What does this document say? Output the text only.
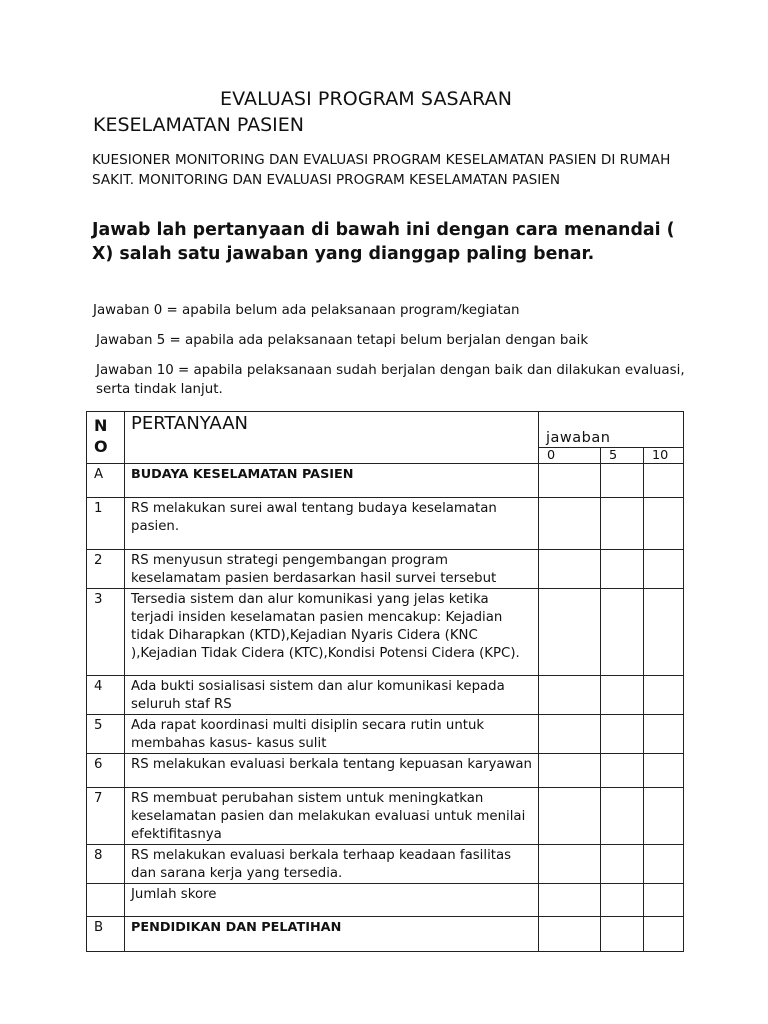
EVALUASI PROGRAM SASARAN
KESELAMATAN PASIEN
KUESIONER MONITORING DAN EVALUASI PROGRAM KESELAMATAN PASIEN DI RUMAH SAKIT. MONITORING DAN EVALUASI PROGRAM KESELAMATAN PASIEN
Jawab lah pertanyaan di bawah ini dengan cara menandai ( X) salah satu jawaban yang dianggap paling benar.
Jawaban 0 = apabila belum ada pelaksanaan program/kegiatan
Jawaban 5 = apabila ada pelaksanaan tetapi belum berjalan dengan baik
Jawaban 10 = apabila pelaksanaan sudah berjalan dengan baik dan dilakukan evaluasi, serta tindak lanjut.
N O	PERTANYAAN	jawaban		
		0	5	10
A	BUDAYA KESELAMATAN PASIEN			
1	RS melakukan surei awal tentang budaya keselamatan pasien.			
2	RS menyusun strategi pengembangan program keselamatam pasien berdasarkan hasil survei tersebut			
3	Tersedia sistem dan alur komunikasi yang jelas ketika terjadi insiden keselamatan pasien mencakup: Kejadian tidak Diharapkan (KTD),Kejadian Nyaris Cidera (KNC ),Kejadian Tidak Cidera (KTC),Kondisi Potensi Cidera (KPC).			
4	Ada bukti sosialisasi sistem dan alur komunikasi kepada seluruh staf RS			
5	Ada rapat koordinasi multi disiplin secara rutin untuk membahas kasus- kasus sulit			
6	RS melakukan evaluasi berkala tentang kepuasan karyawan			
7	RS membuat perubahan sistem untuk meningkatkan keselamatan pasien dan melakukan evaluasi untuk menilai efektifitasnya			
8	RS melakukan evaluasi berkala terhaap keadaan fasilitas dan sarana kerja yang tersedia.			
	Jumlah skore			
B	PENDIDIKAN DAN PELATIHAN			
